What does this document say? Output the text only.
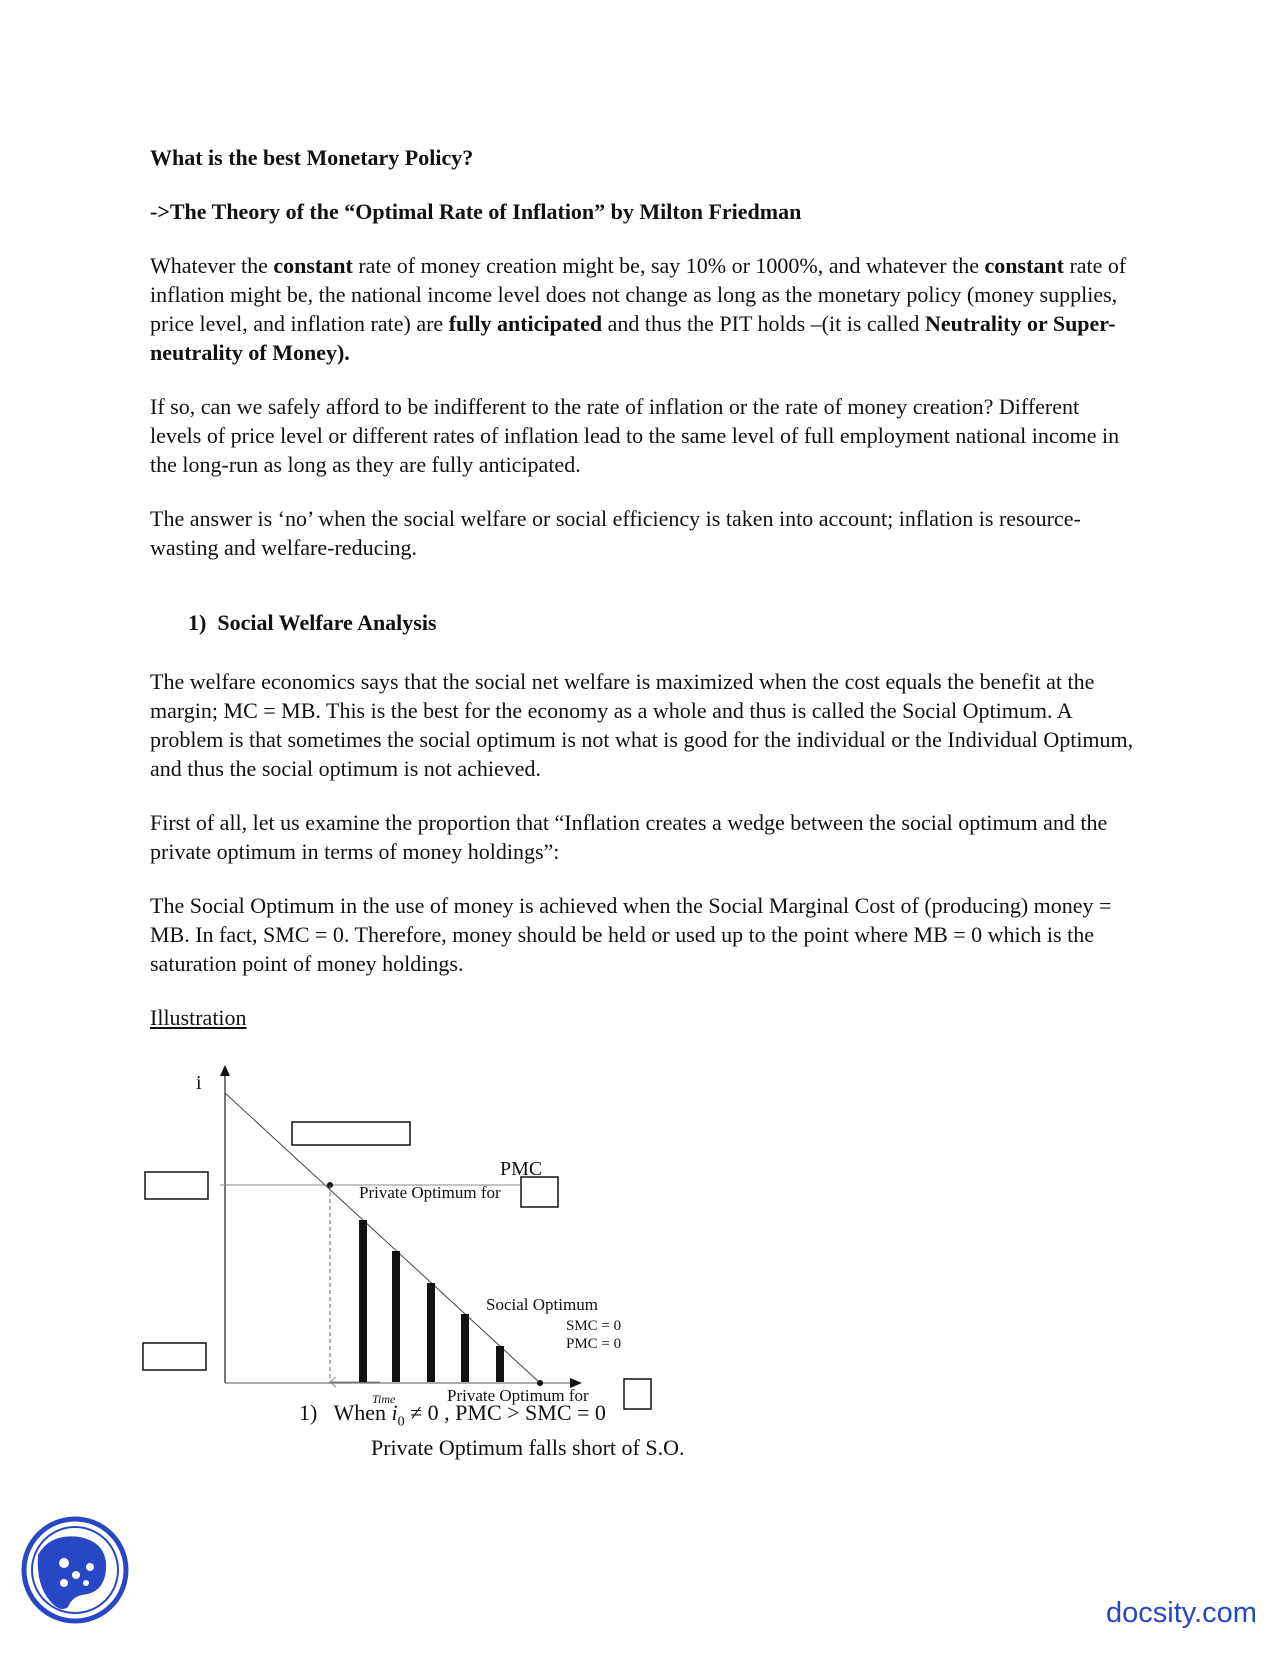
What is the best Monetary Policy?

->The Theory of the “Optimal Rate of Inflation” by Milton Friedman

Whatever the constant rate of money creation might be, say 10% or 1000%, and whatever the constant rate of inflation might be, the national income level does not change as long as the monetary policy (money supplies, price level, and inflation rate) are fully anticipated and thus the PIT holds –(it is called Neutrality or Super-neutrality of Money).

If so, can we safely afford to be indifferent to the rate of inflation or the rate of money creation? Different levels of price level or different rates of inflation lead to the same level of full employment national income in the long-run as long as they are fully anticipated.

The answer is ‘no’ when the social welfare or social efficiency is taken into account; inflation is resource-wasting and welfare-reducing.

1) Social Welfare Analysis

The welfare economics says that the social net welfare is maximized when the cost equals the benefit at the margin; MC = MB. This is the best for the economy as a whole and thus is called the Social Optimum. A problem is that sometimes the social optimum is not what is good for the individual or the Individual Optimum, and thus the social optimum is not achieved.

First of all, let us examine the proportion that “Inflation creates a wedge between the social optimum and the private optimum in terms of money holdings”:

The Social Optimum in the use of money is achieved when the Social Marginal Cost of (producing) money = MB. In fact, SMC = 0. Therefore, money should be held or used up to the point where MB = 0 which is the saturation point of money holdings.

Illustration

i
PMC
Private Optimum for
Social Optimum
SMC = 0
PMC = 0
Time	Private Optimum for
1) When $i_0 \ne 0$ , PMC > SMC = 0
Private Optimum falls short of S.O.
docsity.com
